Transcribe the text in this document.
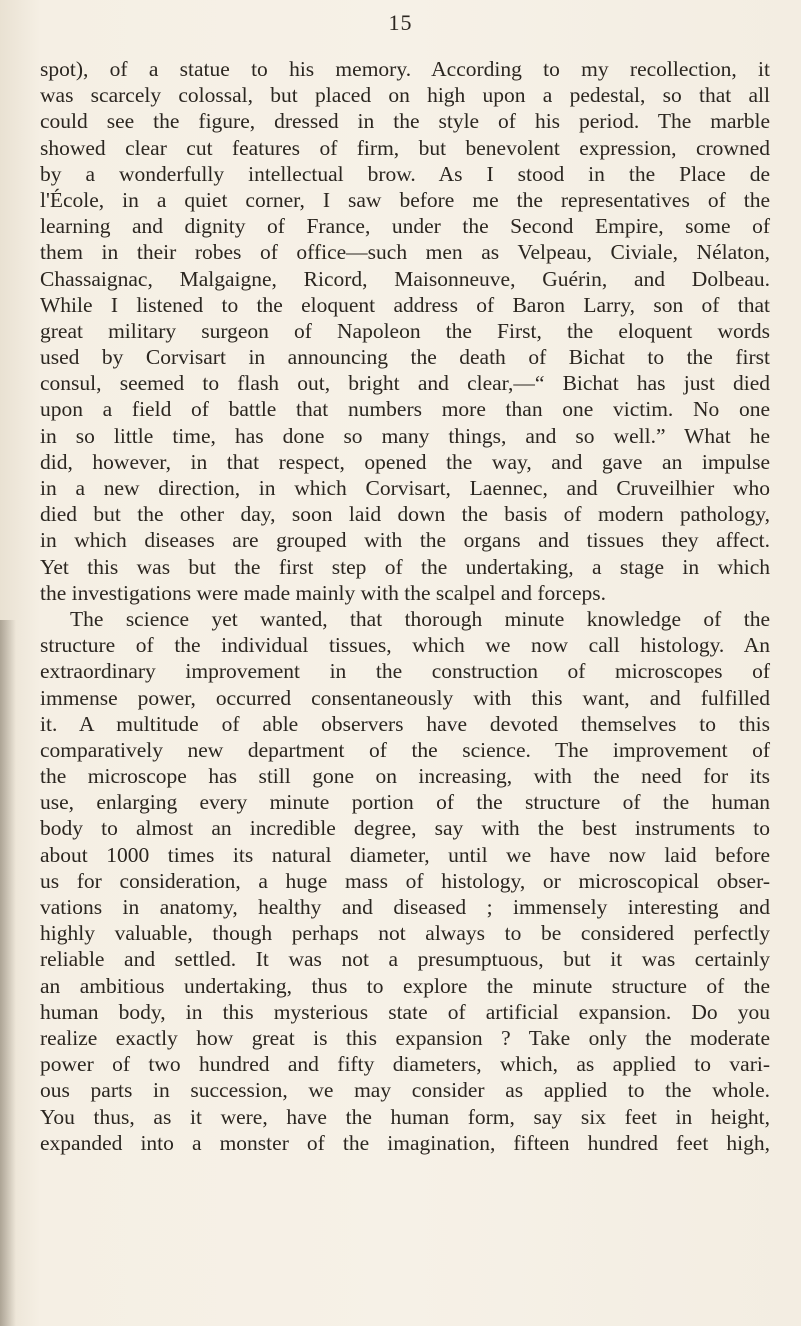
15
spot), of a statue to his memory. According to my recollection, it
was scarcely colossal, but placed on high upon a pedestal, so that all
could see the figure, dressed in the style of his period. The marble
showed clear cut features of firm, but benevolent expression, crowned
by a wonderfully intellectual brow. As I stood in the Place de
l'École, in a quiet corner, I saw before me the representatives of the
learning and dignity of France, under the Second Empire, some of
them in their robes of office—such men as Velpeau, Civiale, Nélaton,
Chassaignac, Malgaigne, Ricord, Maisonneuve, Guérin, and Dolbeau.
While I listened to the eloquent address of Baron Larry, son of that
great military surgeon of Napoleon the First, the eloquent words
used by Corvisart in announcing the death of Bichat to the first
consul, seemed to flash out, bright and clear,—“ Bichat has just died
upon a field of battle that numbers more than one victim. No one
in so little time, has done so many things, and so well.” What he
did, however, in that respect, opened the way, and gave an impulse
in a new direction, in which Corvisart, Laennec, and Cruveilhier who
died but the other day, soon laid down the basis of modern pathology,
in which diseases are grouped with the organs and tissues they affect.
Yet this was but the first step of the undertaking, a stage in which
the investigations were made mainly with the scalpel and forceps.
The science yet wanted, that thorough minute knowledge of the
structure of the individual tissues, which we now call histology. An
extraordinary improvement in the construction of microscopes of
immense power, occurred consentaneously with this want, and fulfilled
it. A multitude of able observers have devoted themselves to this
comparatively new department of the science. The improvement of
the microscope has still gone on increasing, with the need for its
use, enlarging every minute portion of the structure of the human
body to almost an incredible degree, say with the best instruments to
about 1000 times its natural diameter, until we have now laid before
us for consideration, a huge mass of histology, or microscopical obser-
vations in anatomy, healthy and diseased ; immensely interesting and
highly valuable, though perhaps not always to be considered perfectly
reliable and settled. It was not a presumptuous, but it was certainly
an ambitious undertaking, thus to explore the minute structure of the
human body, in this mysterious state of artificial expansion. Do you
realize exactly how great is this expansion ? Take only the moderate
power of two hundred and fifty diameters, which, as applied to vari-
ous parts in succession, we may consider as applied to the whole.
You thus, as it were, have the human form, say six feet in height,
expanded into a monster of the imagination, fifteen hundred feet high,
